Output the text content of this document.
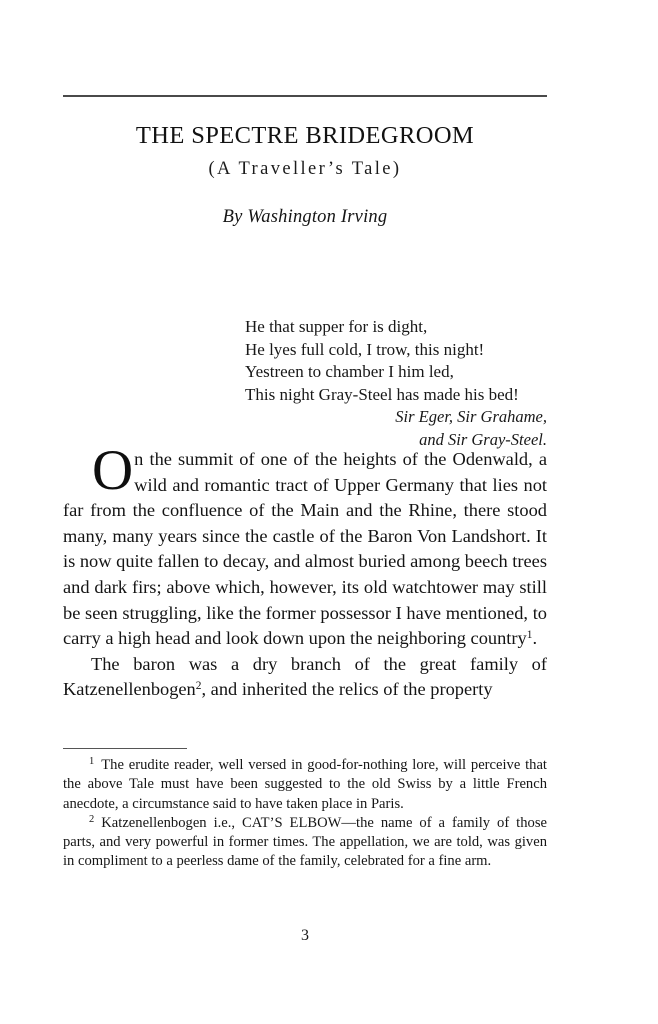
THE SPECTRE BRIDEGROOM
(A Traveller’s Tale)
By Washington Irving
He that supper for is dight,
He lyes full cold, I trow, this night!
Yestreen to chamber I him led,
This night Gray-Steel has made his bed!
Sir Eger, Sir Grahame,
and Sir Gray-Steel.

On the summit of one of the heights of the Odenwald, a wild and romantic tract of Upper Germany that lies not far from the confluence of the Main and the Rhine, there stood many, many years since the castle of the Baron Von Landshort. It is now quite fallen to decay, and almost buried among beech trees and dark firs; above which, however, its old watchtower may still be seen struggling, like the former possessor I have mentioned, to carry a high head and look down upon the neighboring country$^1$.

The baron was a dry branch of the great family of Katzenellenbogen$^2$, and inherited the relics of the property

$^1$ The erudite reader, well versed in good-for-nothing lore, will perceive that the above Tale must have been suggested to the old Swiss by a little French anecdote, a circumstance said to have taken place in Paris.

$^2$ Katzenellenbogen i.e., CAT’S ELBOW—the name of a family of those parts, and very powerful in former times. The appellation, we are told, was given in compliment to a peerless dame of the family, celebrated for a fine arm.

3
